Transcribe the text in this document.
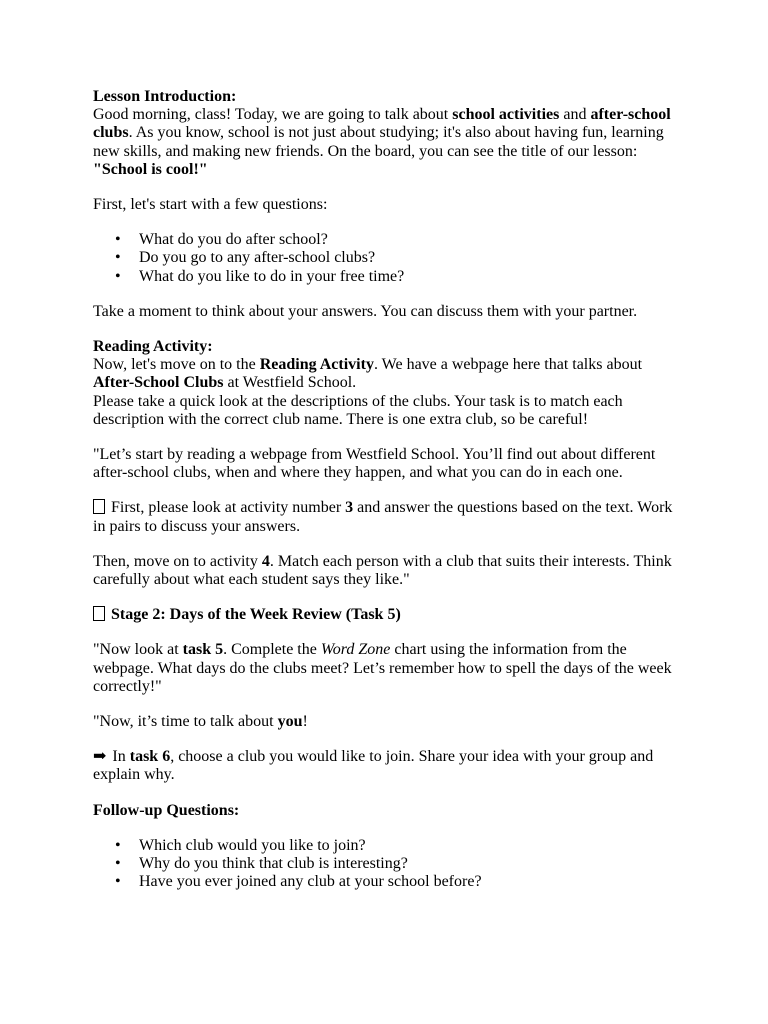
Lesson Introduction:

Good morning, class! Today, we are going to talk about school activities and after-school clubs. As you know, school is not just about studying; it's also about having fun, learning new skills, and making new friends. On the board, you can see the title of our lesson: "School is cool!"

First, let's start with a few questions:

• What do you do after school?
• Do you go to any after-school clubs?
• What do you like to do in your free time?

Take a moment to think about your answers. You can discuss them with your partner.

Reading Activity:

Now, let's move on to the Reading Activity. We have a webpage here that talks about After-School Clubs at Westfield School.

Please take a quick look at the descriptions of the clubs. Your task is to match each description with the correct club name. There is one extra club, so be careful!

"Let’s start by reading a webpage from Westfield School. You’ll find out about different after-school clubs, when and where they happen, and what you can do in each one.

First, please look at activity number 3 and answer the questions based on the text. Work in pairs to discuss your answers.

Then, move on to activity 4. Match each person with a club that suits their interests. Think carefully about what each student says they like."

Stage 2: Days of the Week Review (Task 5)

"Now look at task 5. Complete the Word Zone chart using the information from the webpage. What days do the clubs meet? Let’s remember how to spell the days of the week correctly!"

"Now, it’s time to talk about you!

➡ In task 6, choose a club you would like to join. Share your idea with your group and explain why.

Follow-up Questions:

• Which club would you like to join?
• Why do you think that club is interesting?
• Have you ever joined any club at your school before?
